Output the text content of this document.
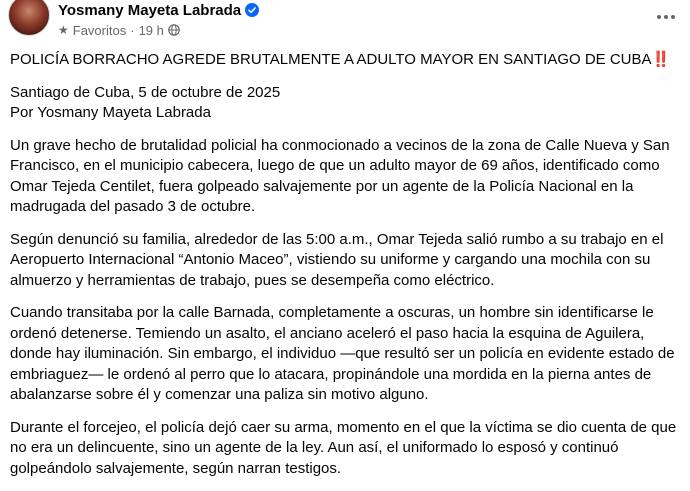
Yosmany Mayeta Labrada
★ Favoritos · 19 h

POLICÍA BORRACHO AGREDE BRUTALMENTE A ADULTO MAYOR EN SANTIAGO DE CUBA‼️

Santiago de Cuba, 5 de octubre de 2025
Por Yosmany Mayeta Labrada

Un grave hecho de brutalidad policial ha conmocionado a vecinos de la zona de Calle Nueva y San Francisco, en el municipio cabecera, luego de que un adulto mayor de 69 años, identificado como Omar Tejeda Centilet, fuera golpeado salvajemente por un agente de la Policía Nacional en la madrugada del pasado 3 de octubre.

Según denunció su familia, alrededor de las 5:00 a.m., Omar Tejeda salió rumbo a su trabajo en el Aeropuerto Internacional “Antonio Maceo”, vistiendo su uniforme y cargando una mochila con su almuerzo y herramientas de trabajo, pues se desempeña como eléctrico.

Cuando transitaba por la calle Barnada, completamente a oscuras, un hombre sin identificarse le ordenó detenerse. Temiendo un asalto, el anciano aceleró el paso hacia la esquina de Aguilera, donde hay iluminación. Sin embargo, el individuo —que resultó ser un policía en evidente estado de embriaguez— le ordenó al perro que lo atacara, propinándole una mordida en la pierna antes de abalanzarse sobre él y comenzar una paliza sin motivo alguno.

Durante el forcejeo, el policía dejó caer su arma, momento en el que la víctima se dio cuenta de que no era un delincuente, sino un agente de la ley. Aun así, el uniformado lo esposó y continuó golpeándolo salvajemente, según narran testigos.
